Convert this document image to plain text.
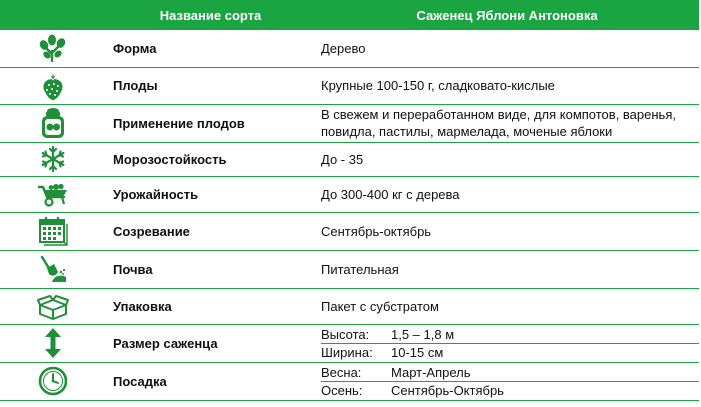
	Название сорта	Саженец Яблони Антоновка
	Форма	Дерево
	Плоды	Крупные 100-150 г, сладковато-кислые
	Применение плодов	В свежем и переработанном виде, для компотов, варенья, повидла, пастилы, мармелада, моченые яблоки
	Морозостойкость	До - 35
	Урожайность	До 300-400 кг с дерева
	Созревание	Сентябрь-октябрь
	Почва	Питательная
	Упаковка	Пакет с субстратом
	Размер саженца	Высота: 1,5 – 1,8 м
Ширина: 10-15 см

	Посадка	Весна: Март-Апрель
Осень: Сентябрь-Октябрь
